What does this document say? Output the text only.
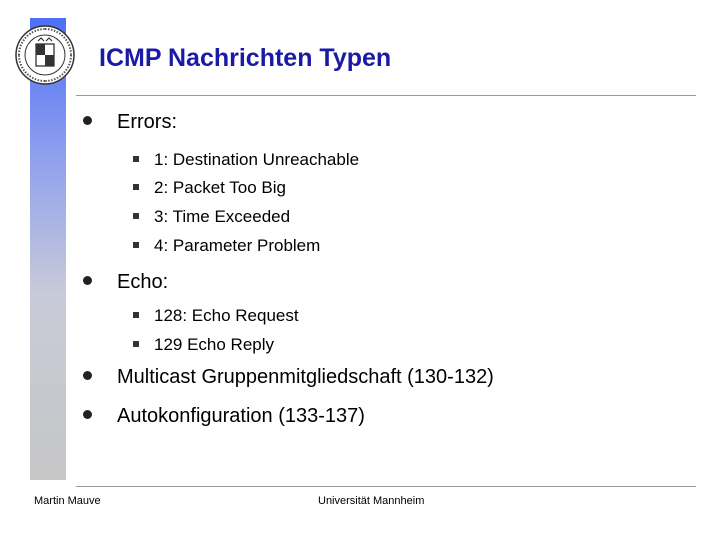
ICMP Nachrichten Typen
Errors:
1: Destination Unreachable
2: Packet Too Big
3: Time Exceeded
4: Parameter Problem
Echo:
128: Echo Request
129 Echo Reply
Multicast Gruppenmitgliedschaft (130-132)
Autokonfiguration (133-137)
Martin Mauve	Universität Mannheim
